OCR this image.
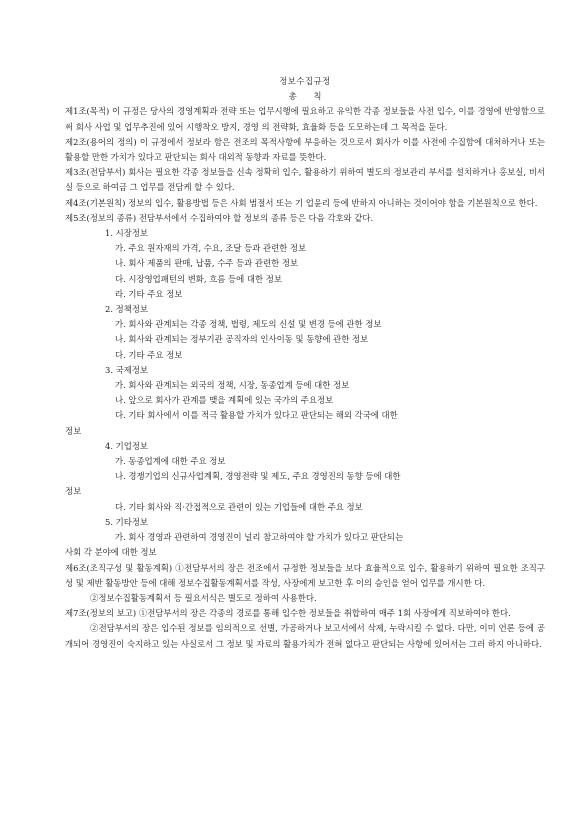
정보수집규정
총 칙

제1조(목적) 이 규정은 당사의 경영계획과 전략 또는 업무시행에 필요하고 유익한 각종 정보들을 사전 입수, 이를 경영에 반영함으로써 회사 사업 및 업무추진에 있어 시행착오 방지, 경영 의 전략화, 효율화 등을 도모하는데 그 목적을 둔다.

제2조(용어의 정의) 이 규정에서 정보라 함은 전조의 목적사항에 부응하는 것으로서 회사가 이를 사전에 수집함에 대처하거나 또는 활용할 만한 가치가 있다고 판단되는 회사 대외적 동향과 자료를 뜻한다.

제3조(전담부서) 회사는 필요한 각종 정보들을 신속 정확히 입수, 활용하기 위하여 별도의 정보관리 부서를 설치하거나 홍보실, 비서실 등으로 하여금 그 업무를 전담케 할 수 있다.

제4조(기본원칙) 정보의 입수, 활용방법 등은 사회 범절서 또는 기 업윤리 등에 반하지 아니하는 것이어야 함을 기본원칙으로 한다.

제5조(정보의 종류) 전담부서에서 수집하여야 할 정보의 종류 등은 다음 각호와 같다.

1. 시장정보
가. 주요 원자재의 가격, 수요, 조달 등과 관련한 정보
나. 회사 제품의 판매, 납품, 수주 등과 관련한 정보
다. 시장영업패턴의 변화, 흐름 등에 대한 정보
라. 기타 주요 정보
2. 정책정보
가. 회사와 관계되는 각종 정책, 법령, 제도의 신설 및 변경 등에 관한 정보
나. 회사와 관계되는 정부기관 공직자의 인사이동 및 동향에 관한 정보
다. 기타 주요 정보
3. 국제정보
가. 회사와 관계되는 외국의 정책, 시장, 동종업계 등에 대한 정보
나. 앞으로 회사가 관계를 맺을 계획에 있는 국가의 주요정보
다. 기타 회사에서 이를 적극 활용할 가치가 있다고 판단되는 해외 각국에 대한
정보
4. 기업정보
가. 동종업계에 대한 주요 정보
나. 경쟁기업의 신규사업계획, 경영전략 및 제도, 주요 경영진의 동향 등에 대한
정보
다. 기타 회사와 직·간접적으로 관련이 있는 기업들에 대한 주요 정보
5. 기타정보
가. 회사 경영과 관련하여 경영진이 널리 참고하여야 할 가치가 있다고 판단되는
사회 각 분야에 대한 정보

제6조(조직구성 및 활동계획) ①전담부서의 장은 전조에서 규정한 정보들을 보다 효율적으로 입수, 활용하기 위하여 필요한 조직구성 및 제반 활동방안 등에 대해 정보수집활동계획서를 작성, 사장에게 보고한 후 이의 승인을 얻어 업무를 개시한 다.

②정보수집활동계획서 등 필요서식은 별도로 정하여 사용한다.

제7조(정보의 보고) ①전담부서의 장은 각종의 경로를 통해 입수한 정보들을 취합하여 매주 1회 사장에게 직보하여야 한다.

②전담부서의 장은 입수된 정보를 임의적으로 선별, 가공하거나 보고서에서 삭제, 누락시킬 수 없다. 다만, 이미 언론 등에 공개되어 경영진이 숙지하고 있는 사실로서 그 정보 및 자료의 활용가치가 전혀 없다고 판단되는 사항에 있어서는 그러 하지 아니하다.
